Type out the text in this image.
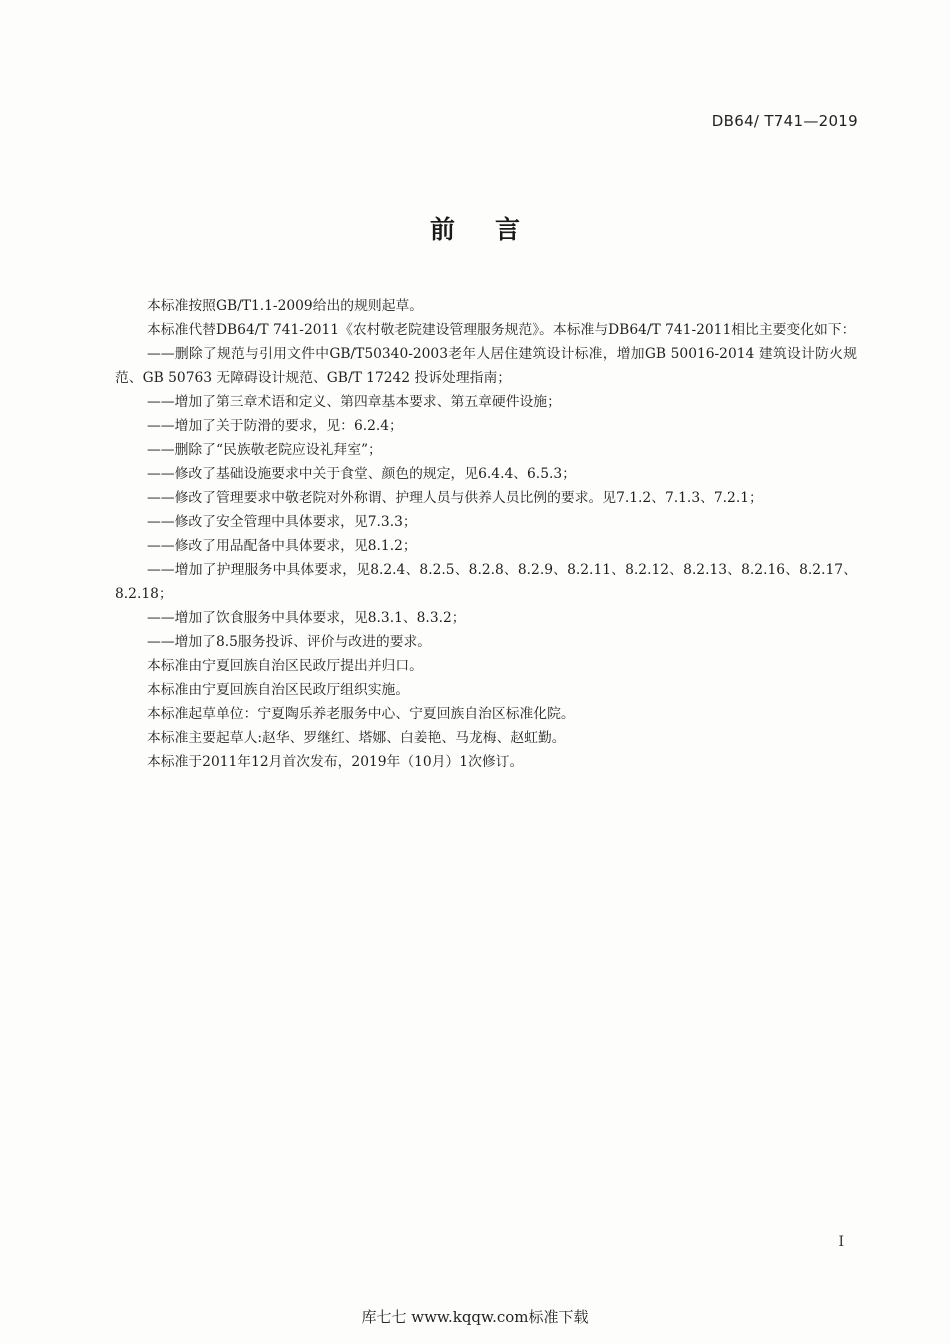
DB64/ T741—2019
前言

本标准按照GB/T1.1-2009给出的规则起草。

本标准代替DB64/T 741-2011《农村敬老院建设管理服务规范》。本标准与DB64/T 741-2011相比主要变化如下：

——删除了规范与引用文件中GB/T50340-2003老年人居住建筑设计标准，增加GB 50016-2014 建筑设计防火规范、GB 50763 无障碍设计规范、GB/T 17242 投诉处理指南；

——增加了第三章术语和定义、第四章基本要求、第五章硬件设施；

——增加了关于防滑的要求，见：6.2.4；

——删除了“民族敬老院应设礼拜室”；

——修改了基础设施要求中关于食堂、颜色的规定，见6.4.4、6.5.3；

——修改了管理要求中敬老院对外称谓、护理人员与供养人员比例的要求。见7.1.2、7.1.3、7.2.1；

——修改了安全管理中具体要求，见7.3.3；

——修改了用品配备中具体要求，见8.1.2；

——增加了护理服务中具体要求，见8.2.4、8.2.5、8.2.8、8.2.9、8.2.11、8.2.12、8.2.13、8.2.16、8.2.17、8.2.18；

——增加了饮食服务中具体要求，见8.3.1、8.3.2；

——增加了8.5服务投诉、评价与改进的要求。

本标准由宁夏回族自治区民政厅提出并归口。

本标准由宁夏回族自治区民政厅组织实施。

本标准起草单位：宁夏陶乐养老服务中心、宁夏回族自治区标准化院。

本标准主要起草人:赵华、罗继红、塔娜、白姜艳、马龙梅、赵虹勤。

本标准于2011年12月首次发布，2019年（10月）1次修订。

I
库七七 www.kqqw.com标准下载
